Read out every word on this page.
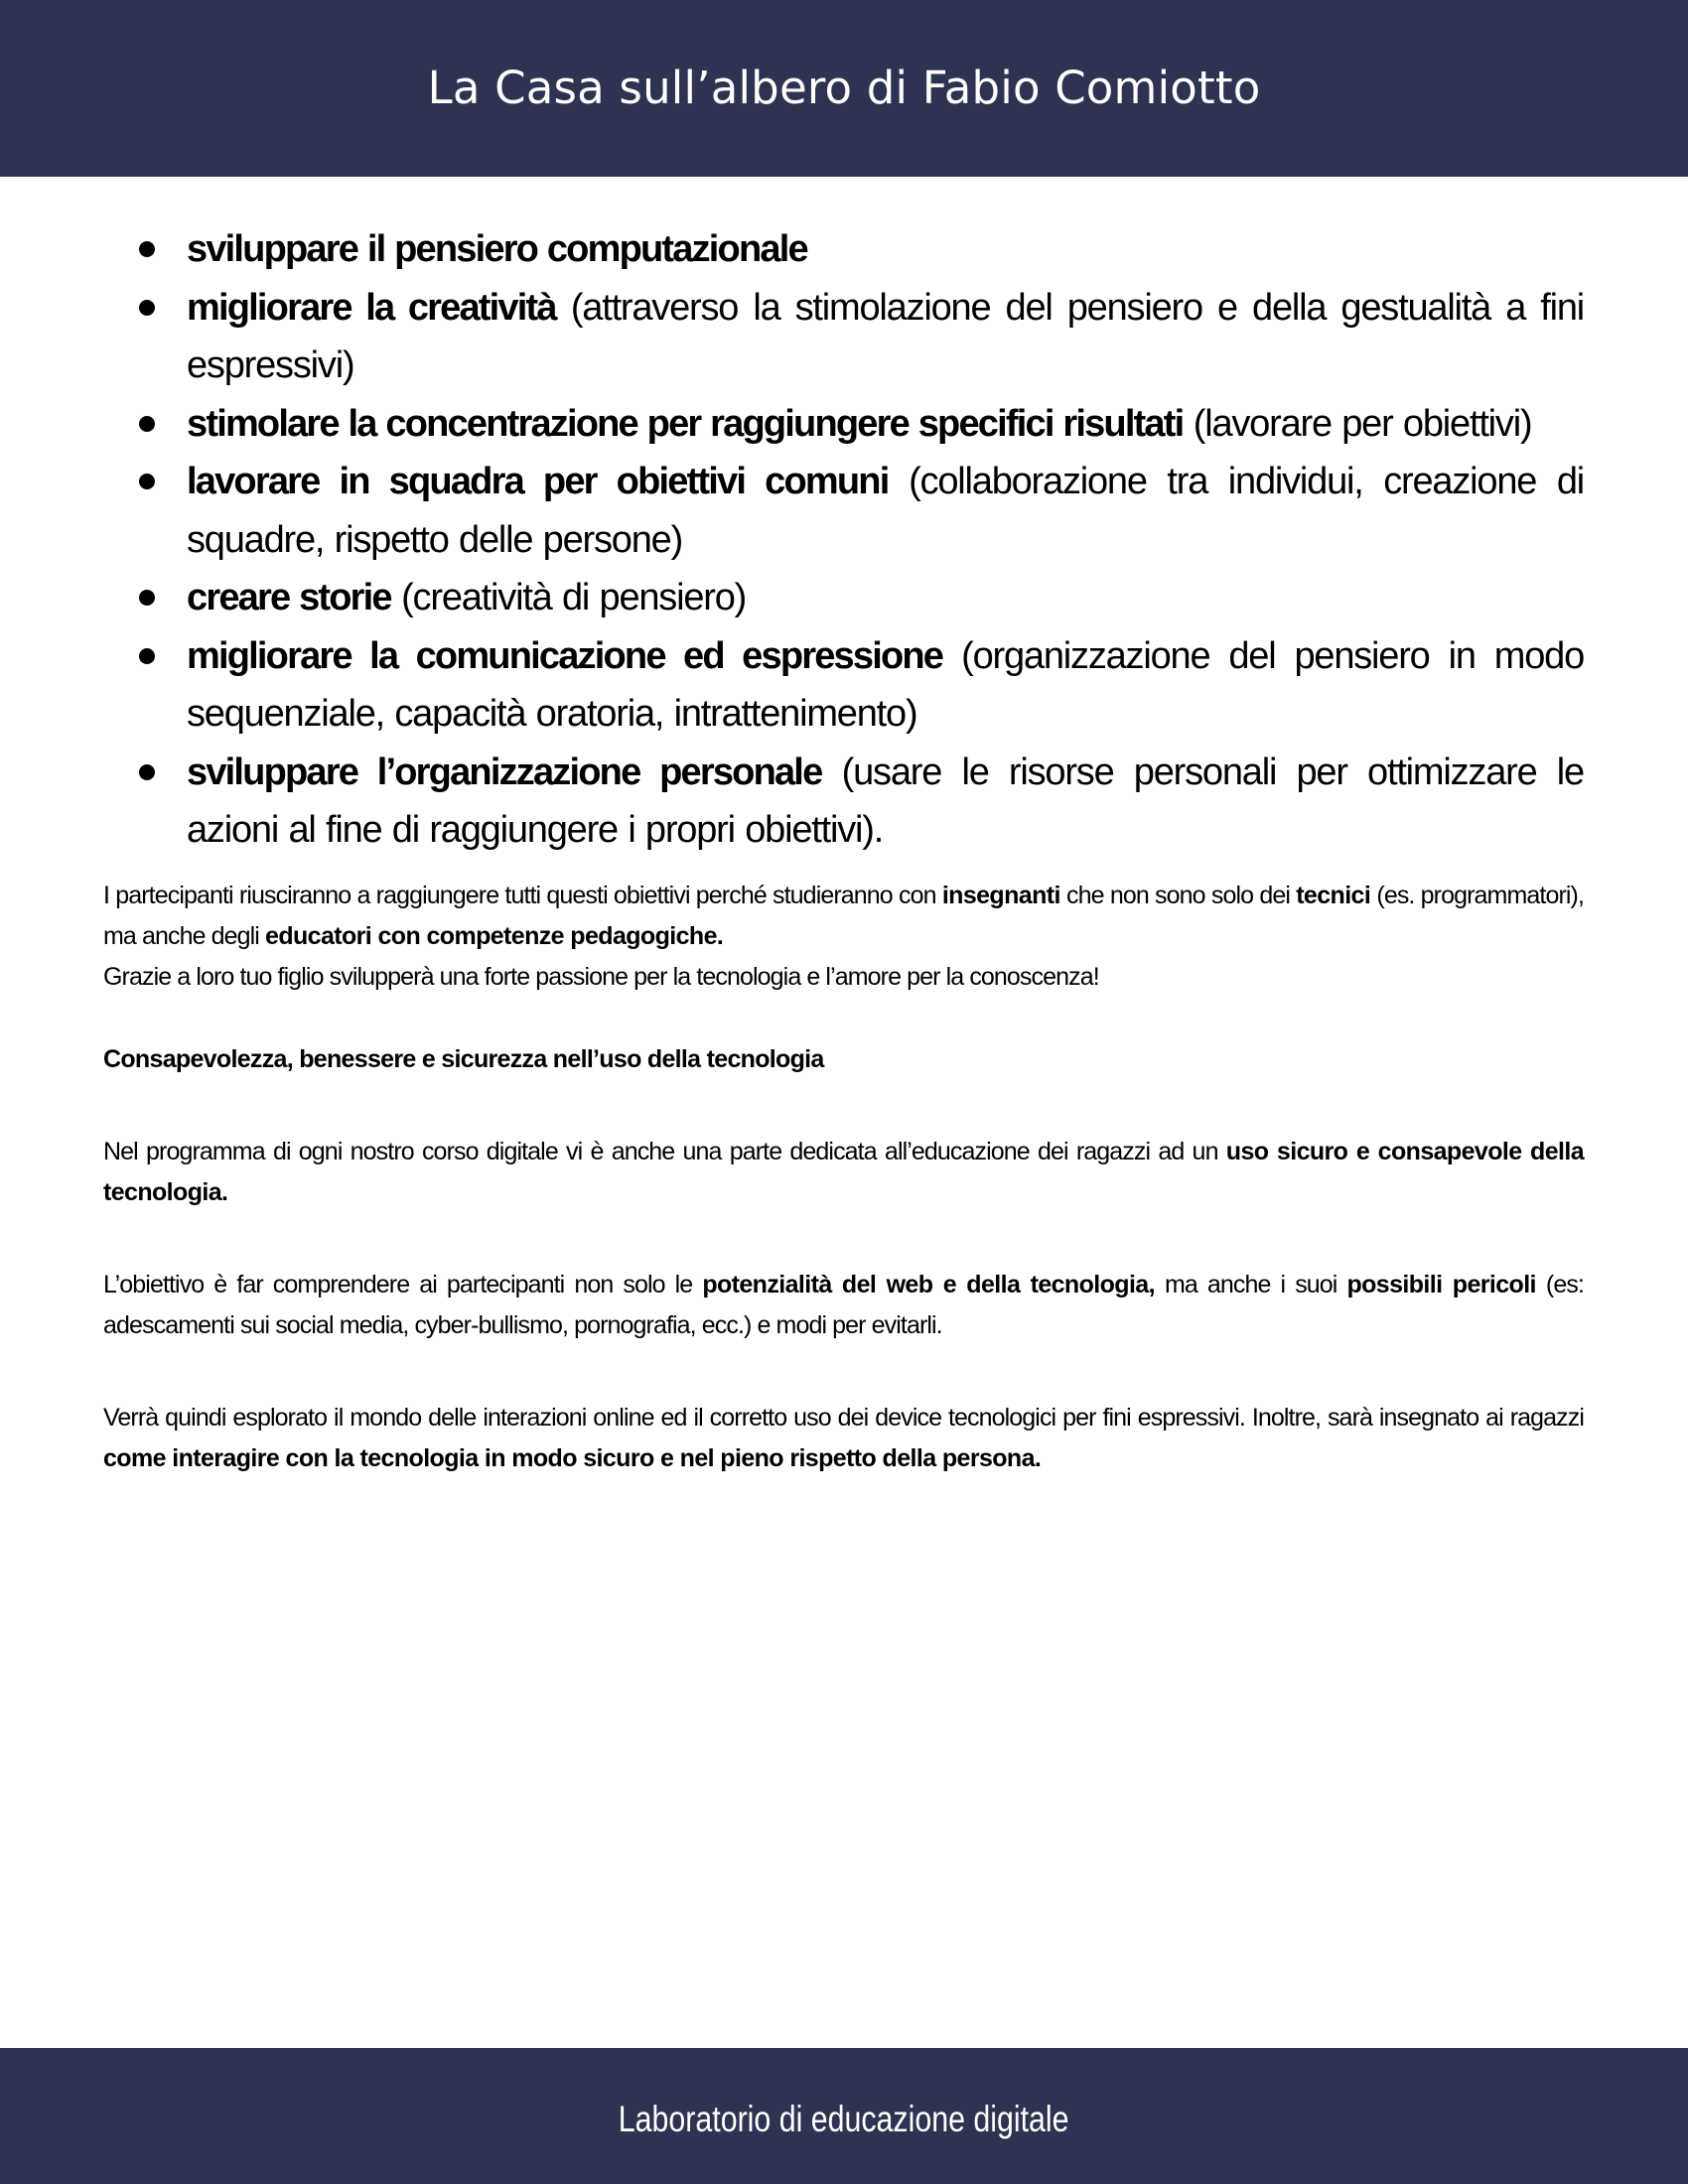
La Casa sull’albero di Fabio Comiotto
sviluppare il pensiero computazionale
migliorare la creatività (attraverso la stimolazione del pensiero e della gestualità a fini espressivi)
stimolare la concentrazione per raggiungere specifici risultati (lavorare per obiettivi)
lavorare in squadra per obiettivi comuni (collaborazione tra individui, creazione di squadre, rispetto delle persone)
creare storie (creatività di pensiero)
migliorare la comunicazione ed espressione (organizzazione del pensiero in modo sequenziale, capacità oratoria, intrattenimento)
sviluppare l’organizzazione personale (usare le risorse personali per ottimizzare le azioni al fine di raggiungere i propri obiettivi).

I partecipanti riusciranno a raggiungere tutti questi obiettivi perché studieranno con insegnanti che non sono solo dei tecnici (es. programmatori), ma anche degli educatori con competenze pedagogiche.

Grazie a loro tuo figlio svilupperà una forte passione per la tecnologia e l’amore per la conoscenza!

Consapevolezza, benessere e sicurezza nell’uso della tecnologia

Nel programma di ogni nostro corso digitale vi è anche una parte dedicata all’educazione dei ragazzi ad un uso sicuro e consapevole della tecnologia.

L’obiettivo è far comprendere ai partecipanti non solo le potenzialità del web e della tecnologia, ma anche i suoi possibili pericoli (es: adescamenti sui social media, cyber-bullismo, pornografia, ecc.) e modi per evitarli.

Verrà quindi esplorato il mondo delle interazioni online ed il corretto uso dei device tecnologici per fini espressivi. Inoltre, sarà insegnato ai ragazzi come interagire con la tecnologia in modo sicuro e nel pieno rispetto della persona.

Laboratorio di educazione digitale
